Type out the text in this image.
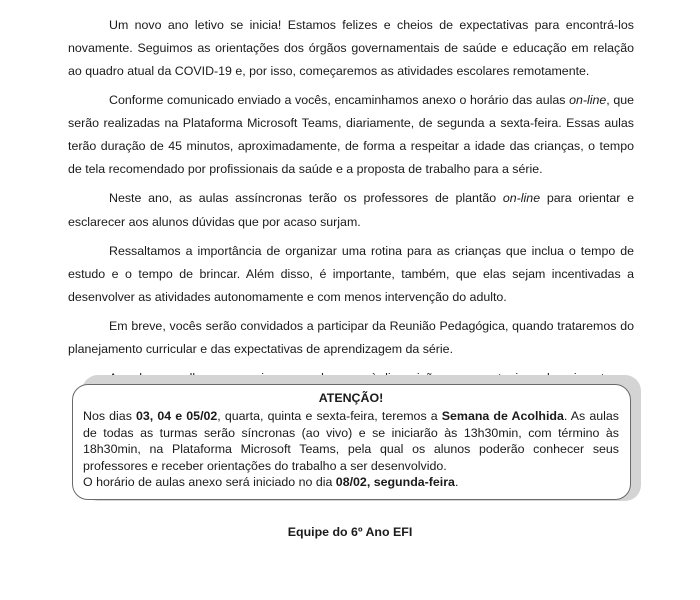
Um novo ano letivo se inicia! Estamos felizes e cheios de expectativas para encontrá-los novamente. Seguimos as orientações dos órgãos governamentais de saúde e educação em relação ao quadro atual da COVID-19 e, por isso, começaremos as atividades escolares remotamente.

Conforme comunicado enviado a vocês, encaminhamos anexo o horário das aulas on-line, que serão realizadas na Plataforma Microsoft Teams, diariamente, de segunda a sexta-feira. Essas aulas terão duração de 45 minutos, aproximadamente, de forma a respeitar a idade das crianças, o tempo de tela recomendado por profissionais da saúde e a proposta de trabalho para a série.

Neste ano, as aulas assíncronas terão os professores de plantão on-line para orientar e esclarecer aos alunos dúvidas que por acaso surjam.

Ressaltamos a importância de organizar uma rotina para as crianças que inclua o tempo de estudo e o tempo de brincar. Além disso, é importante, também, que elas sejam incentivadas a desenvolver as atividades autonomamente e com menos intervenção do adulto.

Em breve, vocês serão convidados a participar da Reunião Pedagógica, quando trataremos do planejamento curricular e das expectativas de aprendizagem da série.

ATENÇÃO!

Nos dias 03, 04 e 05/02, quarta, quinta e sexta-feira, teremos a Semana de Acolhida. As aulas de todas as turmas serão síncronas (ao vivo) e se iniciarão às 13h30min, com término às 18h30min, na Plataforma Microsoft Teams, pela qual os alunos poderão conhecer seus professores e receber orientações do trabalho a ser desenvolvido.

O horário de aulas anexo será iniciado no dia 08/02, segunda-feira.

Equipe do 6º Ano EFI
